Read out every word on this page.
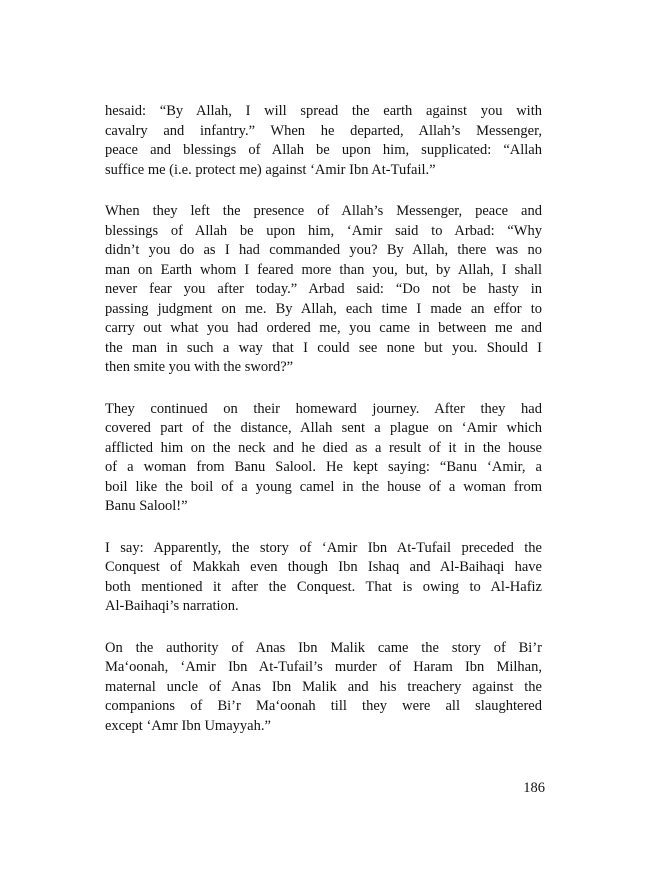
hesaid: “By Allah, I will spread the earth against you with
cavalry and infantry.” When he departed, Allah’s Messenger,
peace and blessings of Allah be upon him, supplicated: “Allah
suffice me (i.e. protect me) against ‘Amir Ibn At-Tufail.”
When they left the presence of Allah’s Messenger, peace and
blessings of Allah be upon him, ‘Amir said to Arbad: “Why
didn’t you do as I had commanded you? By Allah, there was no
man on Earth whom I feared more than you, but, by Allah, I shall
never fear you after today.” Arbad said: “Do not be hasty in
passing judgment on me. By Allah, each time I made an effor to
carry out what you had ordered me, you came in between me and
the man in such a way that I could see none but you. Should I
then smite you with the sword?”
They continued on their homeward journey. After they had
covered part of the distance, Allah sent a plague on ‘Amir which
afflicted him on the neck and he died as a result of it in the house
of a woman from Banu Salool. He kept saying: “Banu ‘Amir, a
boil like the boil of a young camel in the house of a woman from
Banu Salool!”
I say: Apparently, the story of ‘Amir Ibn At-Tufail preceded the
Conquest of Makkah even though Ibn Ishaq and Al-Baihaqi have
both mentioned it after the Conquest. That is owing to Al-Hafiz
Al-Baihaqi’s narration.
On the authority of Anas Ibn Malik came the story of Bi’r
Ma‘oonah, ‘Amir Ibn At-Tufail’s murder of Haram Ibn Milhan,
maternal uncle of Anas Ibn Malik and his treachery against the
companions of Bi’r Ma‘oonah till they were all slaughtered
except ‘Amr Ibn Umayyah.”
186
